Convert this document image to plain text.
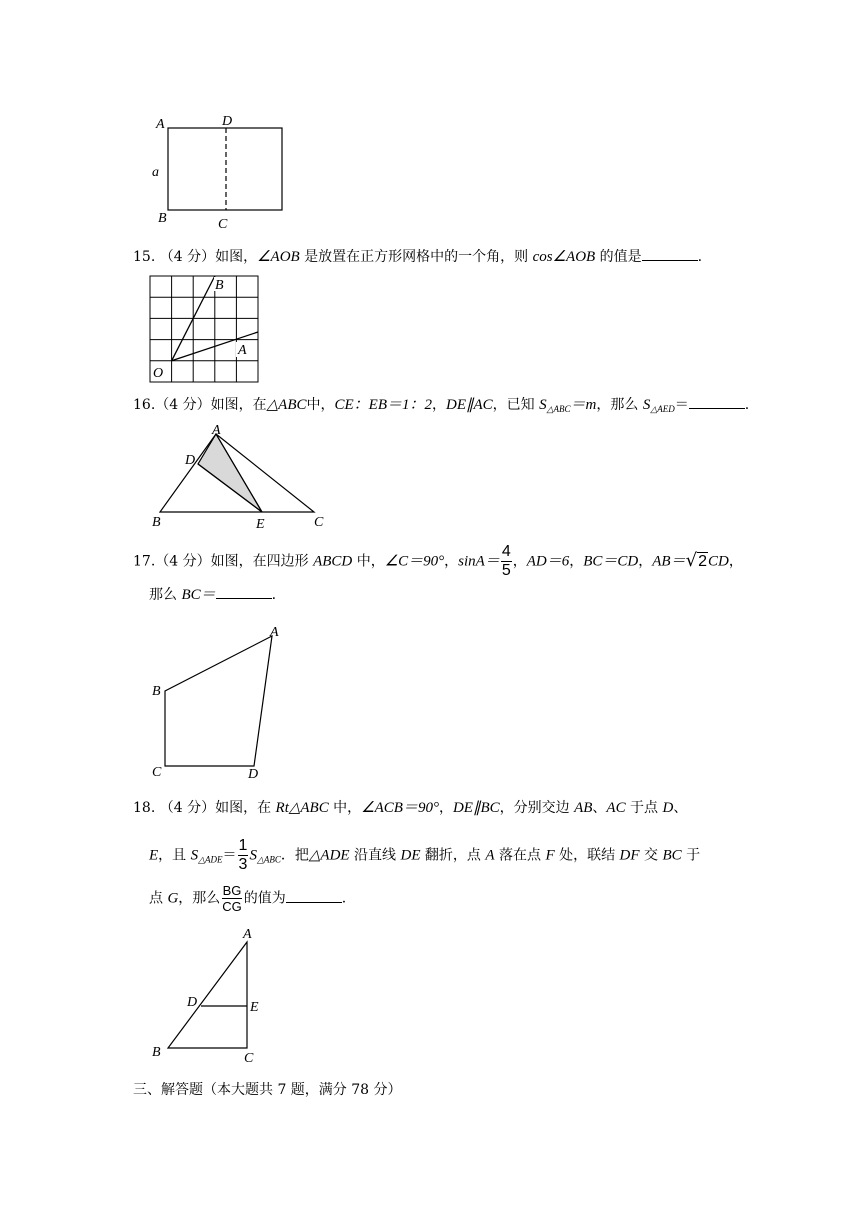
A	D
a
B	C
15. （4 分）如图，∠AOB 是放置在正方形网格中的一个角，则 cos∠AOB 的值是	.
B
A
O
16.（4 分）如图，在△ABC中，CE：EB＝1：2，DE∥AC，已知 $S_{\triangle ABC}=m$，那么 $S_{\triangle AED}=$	.
A
D
B	E	C
17.（4 分）如图，在四边形 ABCD 中，∠C＝90°，$\sin A= \frac{4}{5}$ ，AD＝6，BC＝CD，AB＝√2CD，
那么 BC＝	.
A
B
C	D
18. （4 分）如图，在 Rt△ABC 中，∠ACB＝90°，DE∥BC，分别交边 AB、AC 于点 D、
E，且 $S_{\triangle ADE}= \frac{1}{3} S_{\triangle ABC}$．把△ADE 沿直线 DE 翻折，点 A 落在点 F 处，联结 DF 交 BC 于
点 G，那么 $\frac{BG}{CG}$ 的值为	.
A
D	E
B	C
三、解答题（本大题共 7 题，满分 78 分）
